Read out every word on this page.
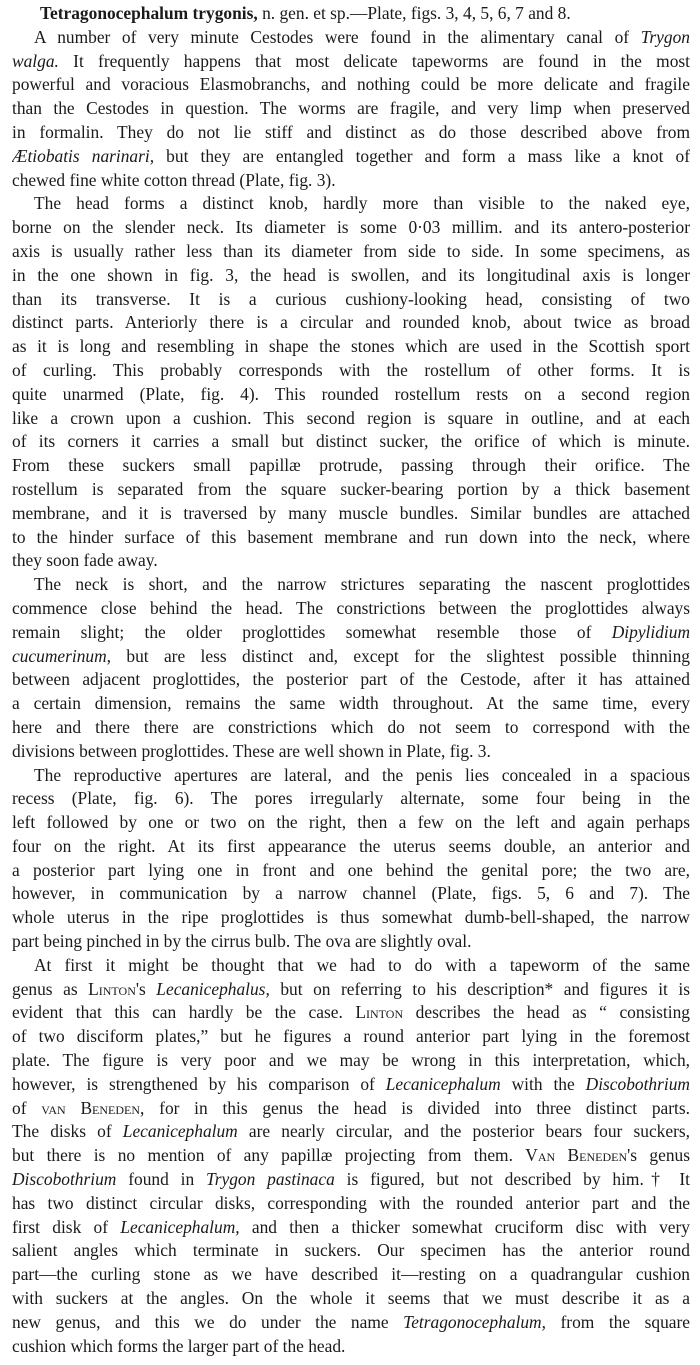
Tetragonocephalum trygonis, n. gen. et sp.—Plate, figs. 3, 4, 5, 6, 7 and 8.
A number of very minute Cestodes were found in the alimentary canal of Trygon
walga. It frequently happens that most delicate tapeworms are found in the most
powerful and voracious Elasmobranchs, and nothing could be more delicate and fragile
than the Cestodes in question. The worms are fragile, and very limp when preserved
in formalin. They do not lie stiff and distinct as do those described above from
Ætiobatis narinari, but they are entangled together and form a mass like a knot of
chewed fine white cotton thread (Plate, fig. 3).
The head forms a distinct knob, hardly more than visible to the naked eye,
borne on the slender neck. Its diameter is some 0·03 millim. and its antero-posterior
axis is usually rather less than its diameter from side to side. In some specimens, as
in the one shown in fig. 3, the head is swollen, and its longitudinal axis is longer
than its transverse. It is a curious cushiony-looking head, consisting of two
distinct parts. Anteriorly there is a circular and rounded knob, about twice as broad
as it is long and resembling in shape the stones which are used in the Scottish sport
of curling. This probably corresponds with the rostellum of other forms. It is
quite unarmed (Plate, fig. 4). This rounded rostellum rests on a second region
like a crown upon a cushion. This second region is square in outline, and at each
of its corners it carries a small but distinct sucker, the orifice of which is minute.
From these suckers small papillæ protrude, passing through their orifice. The
rostellum is separated from the square sucker-bearing portion by a thick basement
membrane, and it is traversed by many muscle bundles. Similar bundles are attached
to the hinder surface of this basement membrane and run down into the neck, where
they soon fade away.
The neck is short, and the narrow strictures separating the nascent proglottides
commence close behind the head. The constrictions between the proglottides always
remain slight; the older proglottides somewhat resemble those of Dipylidium
cucumerinum, but are less distinct and, except for the slightest possible thinning
between adjacent proglottides, the posterior part of the Cestode, after it has attained
a certain dimension, remains the same width throughout. At the same time, every
here and there there are constrictions which do not seem to correspond with the
divisions between proglottides. These are well shown in Plate, fig. 3.
The reproductive apertures are lateral, and the penis lies concealed in a spacious
recess (Plate, fig. 6). The pores irregularly alternate, some four being in the
left followed by one or two on the right, then a few on the left and again perhaps
four on the right. At its first appearance the uterus seems double, an anterior and
a posterior part lying one in front and one behind the genital pore; the two are,
however, in communication by a narrow channel (Plate, figs. 5, 6 and 7). The
whole uterus in the ripe proglottides is thus somewhat dumb-bell-shaped, the narrow
part being pinched in by the cirrus bulb. The ova are slightly oval.
At first it might be thought that we had to do with a tapeworm of the same
genus as Linton's Lecanicephalus, but on referring to his description* and figures it is
evident that this can hardly be the case. Linton describes the head as “ consisting
of two disciform plates,” but he figures a round anterior part lying in the foremost
plate. The figure is very poor and we may be wrong in this interpretation, which,
however, is strengthened by his comparison of Lecanicephalum with the Discobothrium
of van Beneden, for in this genus the head is divided into three distinct parts.
The disks of Lecanicephalum are nearly circular, and the posterior bears four suckers,
but there is no mention of any papillæ projecting from them. Van Beneden's genus
Discobothrium found in Trygon pastinaca is figured, but not described by him.† It
has two distinct circular disks, corresponding with the rounded anterior part and the
first disk of Lecanicephalum, and then a thicker somewhat cruciform disc with very
salient angles which terminate in suckers. Our specimen has the anterior round
part—the curling stone as we have described it—resting on a quadrangular cushion
with suckers at the angles. On the whole it seems that we must describe it as a
new genus, and this we do under the name Tetragonocephalum, from the square
cushion which forms the larger part of the head.
